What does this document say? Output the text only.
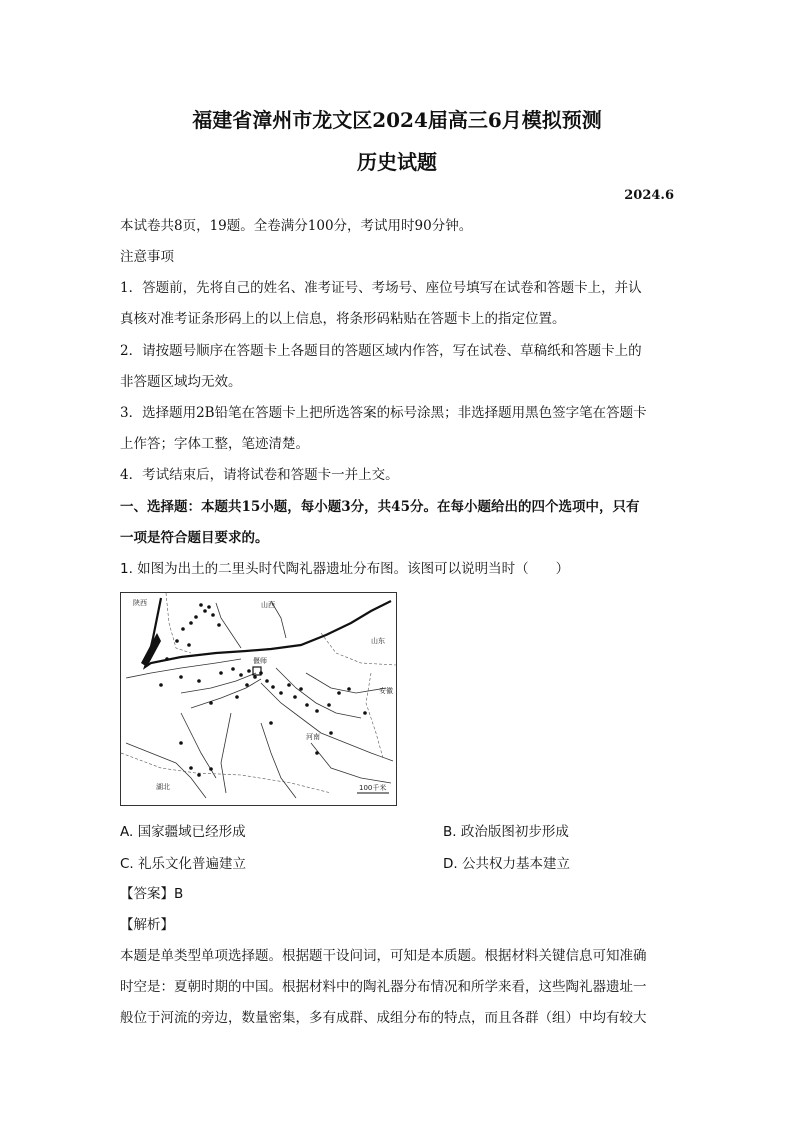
福建省漳州市龙文区2024届高三6月模拟预测
历史试题
2024.6

本试卷共8页，19题。全卷满分100分，考试用时90分钟。

注意事项

1．答题前，先将自己的姓名、准考证号、考场号、座位号填写在试卷和答题卡上，并认

真核对准考证条形码上的以上信息，将条形码粘贴在答题卡上的指定位置。

2．请按题号顺序在答题卡上各题目的答题区域内作答，写在试卷、草稿纸和答题卡上的

非答题区域均无效。

3．选择题用2B铅笔在答题卡上把所选答案的标号涂黑；非选择题用黑色签字笔在答题卡

上作答；字体工整，笔迹清楚。

4．考试结束后，请将试卷和答题卡一并上交。

一、选择题：本题共15小题，每小题3分，共45分。在每小题给出的四个选项中，只有

一项是符合题目要求的。

1. 如图为出土的二里头时代陶礼器遗址分布图。该图可以说明当时（　　）

陕西	山西
山东
河南
湖北
安徽
偃师
100千米
A. 国家疆域已经形成	B. 政治版图初步形成
C. 礼乐文化普遍建立	D. 公共权力基本建立

【答案】B

【解析】

本题是单类型单项选择题。根据题干设问词，可知是本质题。根据材料关键信息可知准确

时空是：夏朝时期的中国。根据材料中的陶礼器分布情况和所学来看，这些陶礼器遗址一

般位于河流的旁边，数量密集，多有成群、成组分布的特点，而且各群（组）中均有较大
